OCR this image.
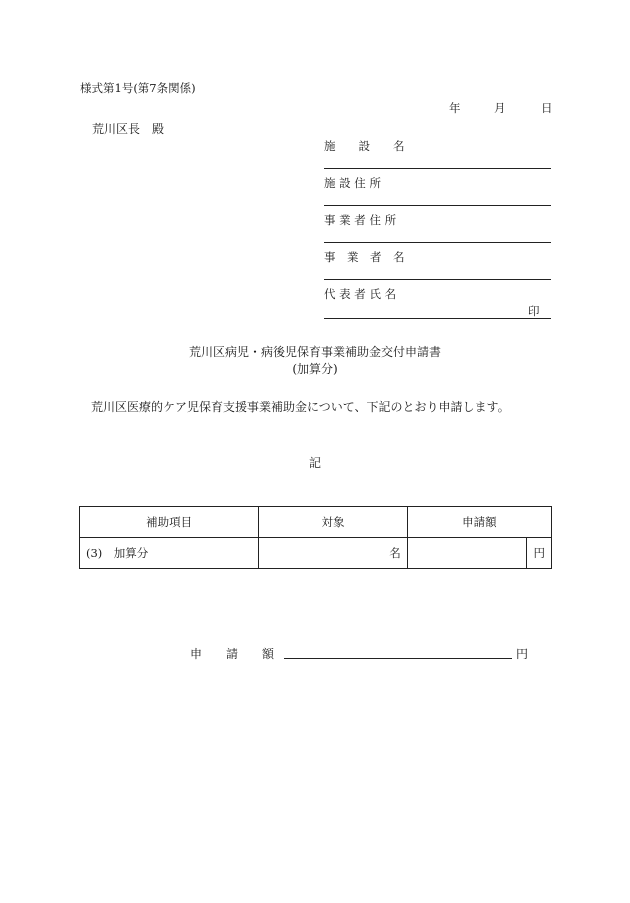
様式第1号(第7条関係)
年	月	日
荒川区長 殿
施　　設　　名
施 設 住 所
事 業 者 住 所
事　業　者　名
代 表 者 氏 名
印
荒川区病児・病後児保育事業補助金交付申請書
(加算分)
荒川区医療的ケア児保育支援事業補助金について、下記のとおり申請します。
記
補助項目	対象	申請額	
(3)　加算分	名		円
申　　請　　額	円
